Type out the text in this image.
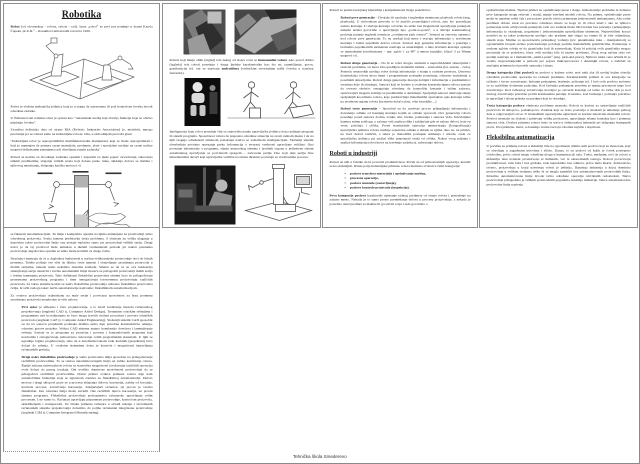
Robotika

Robot (od slovenskog - robota, rabota - rad). Izraz „robot“ se prvi put pominje u drami Karela Čapeka „R.U.R.“ – Rosumovi univerzalni roboti iz 1920.

Robot je složena mehanička jedinica koja je u stanju da autonomno ili pod kontrolom čoveka izvodi određene zadatke.

U Websterovom rečniku robot je opisan kao: "automatski uređaj koji obavlja funkcije koje se obično pripisuju čoveku".

Zvanična definicija data od strane RIA (Robotic Industries Association) je, možebiti, mnogo preciznija jer se odnosi samo na industrijske robote. Ona, u slobodnijem prevodu glasi:

"Industrijski robot je reprogramibilni multifunkcionalni manipulator koji se može reprogramirati i koji je namenjen da pomera razne materijale, predmete, alate i specijalne uređaje na razne načine unapred definisanim putanjama radi obavljanja raznih zadataka"

Roboti se koriste za izvođenje zadataka opasnih i napornih za ljude poput: zavarivanja, rukovanja teškim predmetima, slaganja velikih tereta koji dolaze preko trake, skidanja delova sa mašina i njihovog montiranja, sklapanja kućišta motora i sl.

Roboti koji imaju oblik (izgled) tela nekog od sisara zovu se humanoidni roboti. Ako pored oblika (izgleda) tela roboti poseduju i druge ljudske karakteristike kao što su: razmišljanje, govor, gestikulacija itd. oni se nazivaju androidima (veštačkim stvorenjima nalik čoveku u naučnoj fantastici).

Inteligencija koju robot poseduje čini sa stanovišta nauke upravljačka jedinica koja realizuje program ili sistem programa. Sposobnost robota da prepozna određene situacije na svom radnom mestu i da na njih reaguje određenom izmenom ponašanja naziva se veštačkom inteligencijom. Složeniji sistemi obezbeđuju povratno sprezanje preko informacija o stvarnoj vrednosti upravljane veličine. Ona povezuje informacije o programu, stanju senzorskog sistema i izvršnih organa u jedinstven sistem automatskog upravljanja sa povratnom spregom – zatvorenu petlju. Deo koji daje petlju čine inkrementalni davači koji upravljačke veličine na izlazu direktno povezuju sa vrednostima procesa.

Roboti se prema istorijskoj hijerarhiji i kompleksnosti mogu podeliti na:

Roboti prve generacije – Dvojako ih nazivaju i engleskim terminom: playback roboti (eng. playback). U slobodnom prevodu to bi značilo ponavljajući roboti, zato što ponavljaju zadato kretanje. U slučaju kretanja od tačke do tačke bez mogućnosti upravljanja putanjom između tačaka govorimo o upravljanju tipa „point-to-point“, a u slučaju kontinualnog praćenja putanje engleski termin je „continuous path control“. Senzori su osnovna oprema i kod robota prve generacije. To su uređaji koji mere i vraćaju informacije o izvršenom kretanju i brzini pojedinih delova robota. Senzori koji generišu informacije o položaju i brzinama pojedinačnih elemenata nazivaju se unutrašnjim, a tako izvršena kretanja opisuju se unutrašnjim koordinatama – npr. zglob 1 za 90° u smeru kazaljke, klizač 3 za 30mm unapred i sl.

Roboti druge generacije – Da bi se robot mogao snalaziti u nepredviđenim situacijama i rešavati probleme, on mora biti opremljen dodatnim čulima – senzorima (lat. sensus – čulo). Pomoću senzorskih uređaja robot dobija informacije o stanju u radnom prostoru. Osnovna konstrukcija robota mora imati i programirane postupke ponašanja, odnosno snalaženja u posebnim situacijama. Roboti druge generacije moraju dobijati i informacije o predmetima i stvarima koje ih okružuju. Senzori koji se koriste u ovakvim konstrukcijama robota nastoje da ostvare sledeće: omogućuju robotima da kontrolišu kretanje i težinu zahvata, sprečavajući moguće kolizije sa predmetima u okruženju. Spoljašnji senzori otkrivaju stanje spoljašnjih koordinata robota, koje predstavljaju matematički apstraktan opis kretanja tačke na izvršnom organu robota (na mestu držača alata, vrha hvataljke…)

Roboti treće generacije – Sposobni su da razdvoje proces prikupljanja informacija i donošenja odluke od kasnijeg kretanja kojim se odluka sprovodi. Ova generacija robota poseduje pored senzora dodira, zvuka, sile, brzine, pomeranja i senzore vida. Televizijska kamera snima podlogu, a računar vrši analizu slike i zaključuje gde se nalaze delovi, koje su vrste, položaja i oblika. Pored standardnih operacija memorisanja (fotografisanja) upravljačka jedinica robota uređuje sopstvene odluke u skladu sa njima. Ako su, na primer, na traci delovi različiti, a takav je metodički postupak snimanja i obrade, onda će upravljačka jedinica pri analizi slike prepoznati svaki od oblika. Nakon ovog prijema i analize informacija robot kreće na izvršenje zadatka tj. zahvatanje delova.

Roboti u industriji

Roboti su ušli u fabrike da bi povećali produktivnost. Počeli su od jednostavnijih operacija, krenuli se ka složenijim. Danas polja industrijske primene robota možemo svrstati u četiri kategorije:

• poslove transfera materijala i opsluživanje mašina,
• procesne operacije,
• poslove montaže (sastavljanje),
• poslove kontrole proizvoda (inspekcija).

Prva kategorija poslova karakteriše uzimanje radnog predmeta od strane robota i prenošenje na zadano mesto. Nekada je to samo prosto premeštanje delova u procesu proizvodnje, a nekada je potrebno uzeti predmet sa mašine ili ga staviti u nju i tada govorimo o

opsluživanju mašina. Tipičan primer su opsluživanje prese i druge. Jednostavnije probleme iz domena prve kategorije mogu rešavati i stariji, manje savršeni modeli robota. Na primer, opsluživanje prese može se uspešno rešiti čak i pre pojave pravih robota primenom jednostavnih mehanizama. Ako radni predmeti dolaze uvek na precizno određeno mesto sa koga će ih robot uzeti i ako se njihovo pomeranje uvek odvija istom putanjom, tada ceo zadatak može biti izveden bez praćenja i prikupljanja informacija iz okruženja, pogodnim i jednostavnijim upravljačkim sistemom. Nepredviđeni koraci nerešivi su za takve jednostavne uređaje: ako predmet nije stigao na vreme ili je loše orijentisan, sistem staje. Mašine sa sposobnošću prinudnog vođenja (tzv. pneumatske ruke – manipulatori) sa ograničenim brojem tačaka pozicioniranja položaje postižu mehaničkim graničnicima. Pomeranje u svakom zglobu odvija se do graničnika koji ih zaustavljaju. Kada bi položaj ovih graničnika mogao preciznije da se podešava, klasa ovih uređaja bila bi znatno proširena. Zbog svog načina rada ovi uređaji nazivaju se i mehanizmi „uzmi-i-pusti“ (eng. pick-and-place). Njihova niska cena učinila ih je veoma rasprostranjenim u periodu pre pojave mikroprocesora i današnjih robota, a zadržali su značajnu primenu kod prostih operacija i danas.

Druga kategorija (fini poslovi) su poslovi u kojima robot nosi neki alat ili uređaj kojim obavlja određenu proizvodnu operaciju na radnom predmetu. Karakteristični primeri iz ove kategorije su tačkasto i šavno zavarivanje, farbanje prskanjem, brušenje, poliranje itd. I kod ovih poslova srećemo se sa različitim dodatnim zadacima. Kod farbanja prskanjem potrebna je manja preciznost nego kod zavarivanja. Kod tačkastog zavarivanja dovoljno je ostvariti kretanje od tačke do tačke dok je kod šavnog zavarivanja potrebno pratiti kontinualnu putanju. Konačno, kod brušenja i poliranja potrebno je upravljati i silom pritiska na predmet koji se obrađuje.

Treća kategorija poslova obuhvata probleme montaže. Roboti se koriste za sastavljanje različitih proizvoda ili sklopova, podsklopova. Zadatak koji se često postavlja u montaži je umetanje jednog dela u odgovarajući otvor. U montažnim operacijama uglavnom se koriste takozvani montažni roboti. Poslovi montaže su složeni i zahtevaju veliku preciznost, upravljanje silama kontakta kao i primenu senzora vida. Ovakva primena robota često se sreće u elektronskoj industriji pri sklapanju štampanih ploča. Ova primena, inače, u današnje vreme razvoju robotike najviše i doprinosi.

Fleksibilna automatizacija

U početku su primene robota u industriji bile na ogromnom obimu onih poslova koji su monotoni, koji se obavljaju u zagađenim uslovima i slično. Danas, to su poslovi od kojih je čovek postepeno oslobođen, pošto roboti imaju određenu ulogu u humanizaciji rada. Treba, međutim, reći da roboti u industriju nisu uvedeni prvenstveno iz humanih, već iz ekonomskih razloga. Roboti povećavaju produktivnost, rade brže i bez grešaka, rade neprekidno bez odmora, prave malo škarta. Jednostavno rečeno, proizvodnja u kojoj učestvuju roboti je jeftinija. Današnja industrija u kojoj dominira proizvodnja u velikim serijama teško bi se mogla zamisliti bez automatizovanih proizvodnih linija. Klasične automatizovane linije izvode tačno određene operacije utvrđenim redosledom. Takva proizvodnja prilagođena je velikim proizvodnim pogonima današnje industrije. Takve automatizovane proizvodne linije nazivaju

se fiksnom automatizacijom. Tu linije i kompletna oprema na njima namenjene su proizvodnji samo određenog proizvoda. Svaka izmena predstavlja dosta problema. S obzirom na velika ulaganja u kupovinu takve proizvodne linije ona postaje isplativa samo pri proizvodnji velikih serija. Drugi uslov je da taj proizvod bude aktuelan u dužem vremenskom periodu jer nakon prestanka proizvodnje angažovana oprema se teško može koristiti za druge svrhe.

Stručnjaci smatraju da će u doglednoj budućnosti u načinu velikoserijske proizvodnje doći do bitnih promena. Tržište počinje sve više da diktira česte izmene i obnavljanje asortimana proizvoda u malim serijama, nekada samo nekoliko desetina komada. Smatra se da će se ova tendencija smanjivanja serija nastaviti i većina automatskih linija moraće se prilagoditi proizvodnji malih serija i čestim izmenama proizvoda. Tako definisani fleksibilni proizvodni sistemi brzo se prilagođavaju promenama proizvodnog programa i time omogućavaju istovremenu proizvodnju različitih proizvoda. Za takve sisteme koristi se naziv fleksibilna proizvodnja odnosno fleksibilna proizvodna ćelija. Iz svih razloga takav način automatizacije nazivamo: fleksibilnom automatizacijom.

Za ovakvu proizvodnju orijentisanu na male serije i povećanu sposobnost za brzu promenu asortimana proizvoda neophodno je više uslova:

Prvi uslov je efikasno i brzo projektovanje, a to znači korišćenje metoda računarskog projektovanja (engleski CAD tj. Computer Aided Design). Trenutnim crtačkim rešenjima i programima nad koordinatama se brzo mogu izvršiti složeni proračuni i provere tehničkih proizvoda (engleski CAE tj. Computer Aided Engineering). Složeniji sistemi CAD sposobni su da na osnovu projektnih podataka mašina sama daje potrebna konstruktivna rešenja, odnosno gotove projekte. Većina CAD sistema znatno komfornije dovršava i izmenjivanje rešenja. Sastoje se iz programa za proračun i proveru i komandovanih programa koji kontrolišu i omogućavaju jednostavno rukovanje celim programskim sistemom. U njih se ugrađuje logika projektovanja, tako da u automatizovanom radu korisnik (projektant) brzo dolazi do rešenja. U ovakvim sistemima dosta je kontrole i mogućnosti ispravljanja računarskih grešaka.

Drugi uslov fleksibilne proizvodnje je sama proizvodna linija sposobna na prilagođavanje različitim proizvodima. To se rešava automatizovanjem linija uz veliko korišćenje robota. Ranije isticana univerzalnost robota sa stanovišta mogućnosti izvršavanja različitih operacija ovde dolazi do punog izražaja. Oni uveliko doprinose sposobnosti proizvodnje da se prilagođava različitim proizvodima. Dobar primer ovakve primene robota daje nam automobilska industrija koja se uglavnom zasniva na fleksibilnoj automatizaciji. Delovi motora i drugi sklopovi prate se u procesu sklapanja delova: karoserija, zaštita od korozije, kontrola procesa, zavarivanje karoserije. Zaključujući rečenicu, taj proces je veoma fleksibilan. Ista robotska linija može zavariti više različitih tipova karoserija, uz prostu izmenu programa. Fleksibilna proizvodnja podrazumeva računarsko upravljanje celim procesom. I ne samo to. Računari upravljaju pripremom proizvodnje, kontrolom proizvoda, skladištenjem i transportom. Uz široku primenu računara u obradi rešenja i savremenih računarskih sistema projektovanja dolazimo do pojma računarski integrisane proizvodnje (engleski CIM tj. Computer Integrated Manufacturing).

Tehnička škola Smederevo
